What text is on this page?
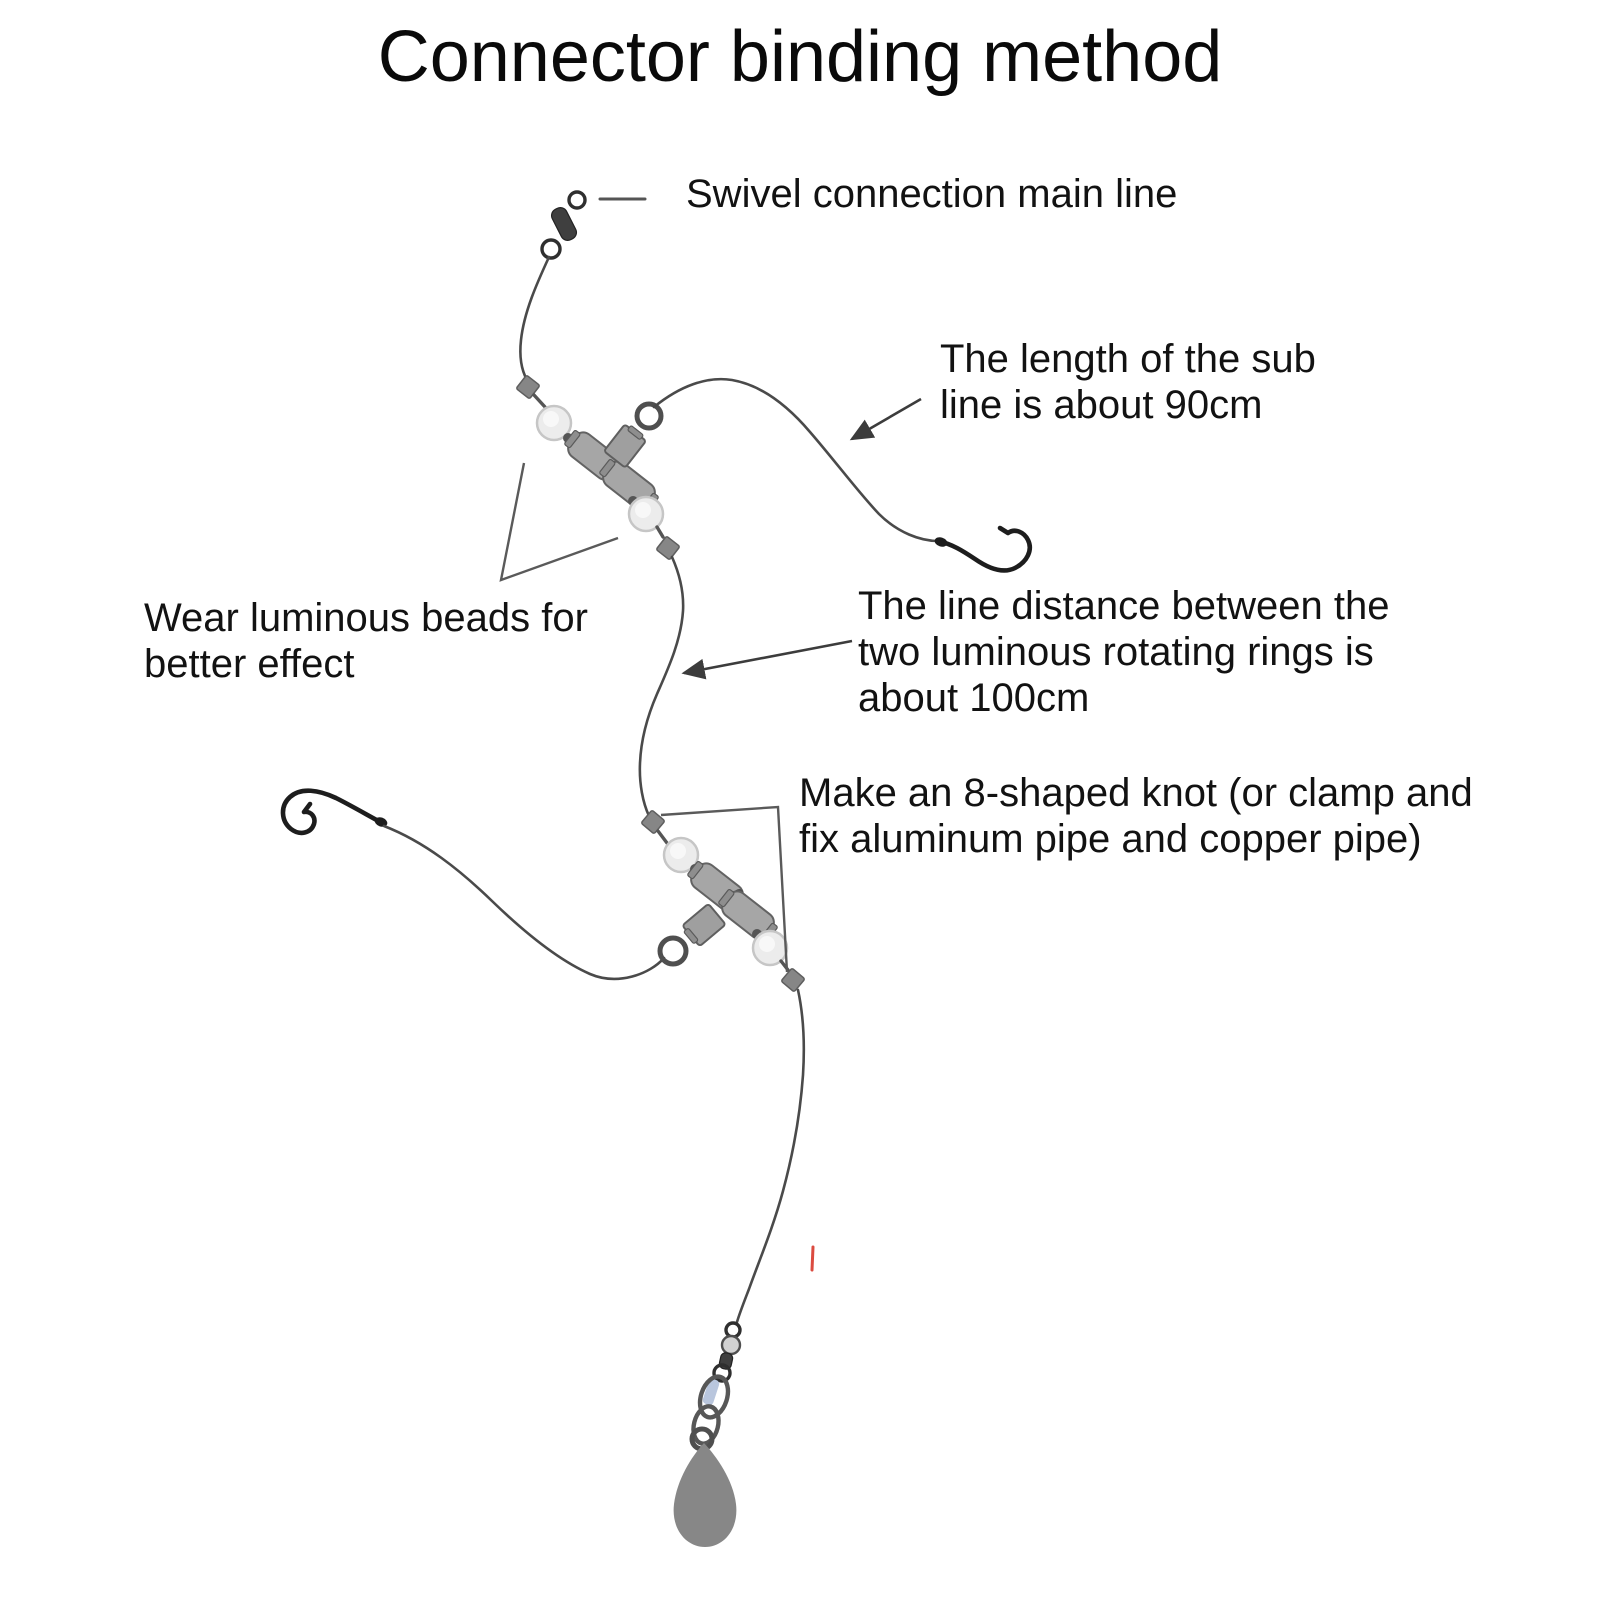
Connector binding method
Swivel connection main line
The length of the sub
line is about 90cm
Wear luminous beads for
better effect
The line distance between the
two luminous rotating rings is
about 100cm
Make an 8-shaped knot (or clamp and
fix aluminum pipe and copper pipe)
